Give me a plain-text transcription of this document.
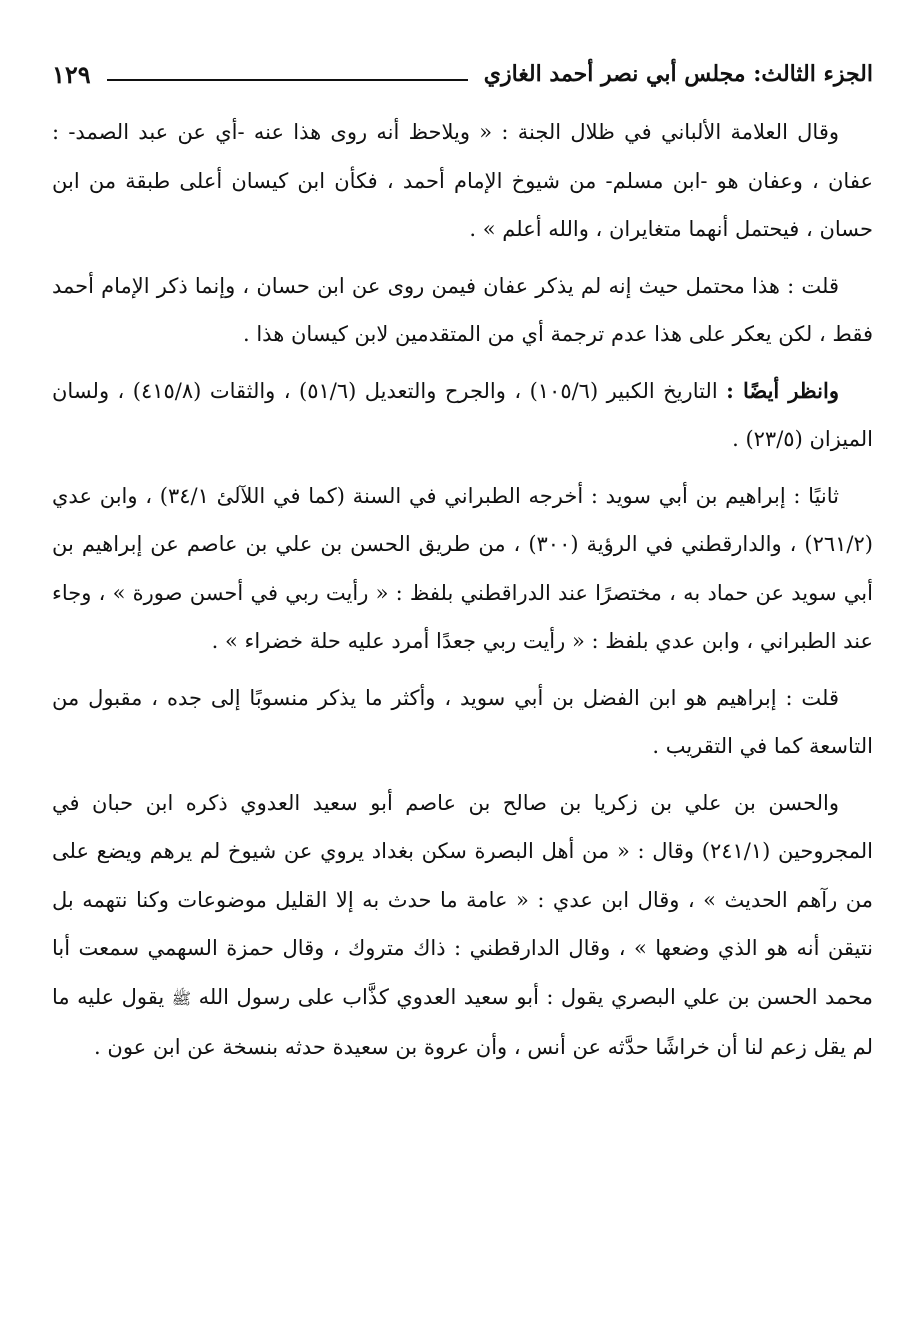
الجزء الثالث: مجلس أبي نصر أحمد الغازي
١٢٩

وقال العلامة الألباني في ظلال الجنة : « ويلاحظ أنه روى هذا عنه -أي عن عبد الصمد- : عفان ، وعفان هو -ابن مسلم- من شيوخ الإمام أحمد ، فكأن ابن كيسان أعلى طبقة من ابن حسان ، فيحتمل أنهما متغايران ، والله أعلم » .

قلت : هذا محتمل حيث إنه لم يذكر عفان فيمن روى عن ابن حسان ، وإنما ذكر الإمام أحمد فقط ، لكن يعكر على هذا عدم ترجمة أي من المتقدمين لابن كيسان هذا .

وانظر أيضًا : التاريخ الكبير (١٠٥/٦) ، والجرح والتعديل (٥١/٦) ، والثقات (٤١٥/٨) ، ولسان الميزان (٢٣/٥) .

ثانيًا : إبراهيم بن أبي سويد : أخرجه الطبراني في السنة (كما في اللآلئ ٣٤/١) ، وابن عدي (٢٦١/٢) ، والدارقطني في الرؤية (٣٠٠) ، من طريق الحسن بن علي بن عاصم عن إبراهيم بن أبي سويد عن حماد به ، مختصرًا عند الدراقطني بلفظ : « رأيت ربي في أحسن صورة » ، وجاء عند الطبراني ، وابن عدي بلفظ : « رأيت ربي جعدًا أمرد عليه حلة خضراء » .

قلت : إبراهيم هو ابن الفضل بن أبي سويد ، وأكثر ما يذكر منسوبًا إلى جده ، مقبول من التاسعة كما في التقريب .

والحسن بن علي بن زكريا بن صالح بن عاصم أبو سعيد العدوي ذكره ابن حبان في المجروحين (٢٤١/١) وقال : « من أهل البصرة سكن بغداد يروي عن شيوخ لم يرهم ويضع على من رآهم الحديث » ، وقال ابن عدي : « عامة ما حدث به إلا القليل موضوعات وكنا نتهمه بل نتيقن أنه هو الذي وضعها » ، وقال الدارقطني : ذاك متروك ، وقال حمزة السهمي سمعت أبا محمد الحسن بن علي البصري يقول : أبو سعيد العدوي كذَّاب على رسول الله ﷺ يقول عليه ما لم يقل زعم لنا أن خراشًا حدَّثه عن أنس ، وأن عروة بن سعيدة حدثه بنسخة عن ابن عون .
